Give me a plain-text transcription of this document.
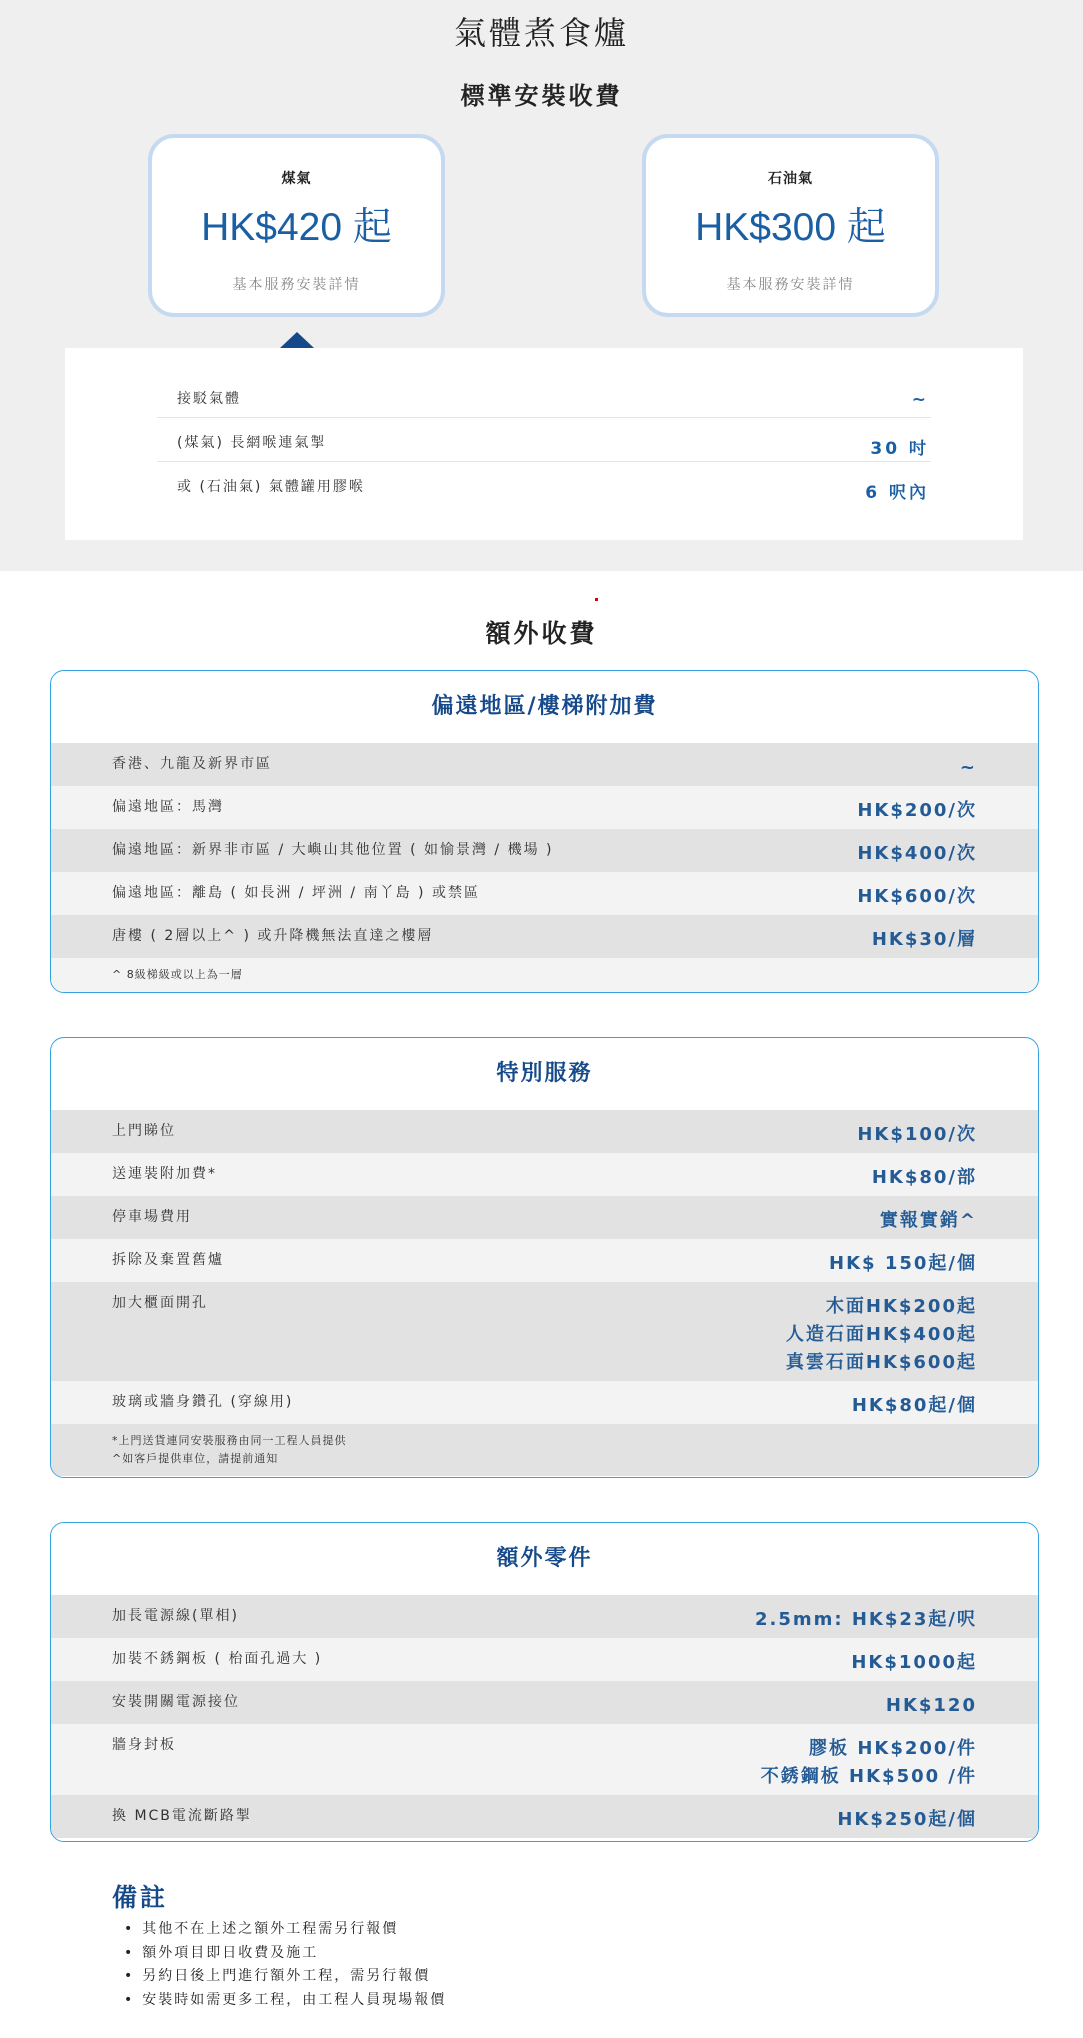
氣體煮食爐
標準安裝收費
煤氣
HK$420 起
基本服務安裝詳情
石油氣
HK$300 起
基本服務安裝詳情
接駁氣體	~
(煤氣) 長網喉連氣掣	30 吋
或 (石油氣) 氣體罐用膠喉	6 呎內
額外收費
偏遠地區/樓梯附加費
香港、九龍及新界市區	~
偏遠地區：馬灣	HK$200/次
偏遠地區：新界非市區 / 大嶼山其他位置 ( 如愉景灣 / 機場 )	HK$400/次
偏遠地區：離島 ( 如長洲 / 坪洲 / 南丫島 ) 或禁區	HK$600/次
唐樓 ( 2層以上^ ) 或升降機無法直達之樓層	HK$30/層
^ 8級梯級或以上為一層
特別服務
上門睇位	HK$100/次
送連裝附加費*	HK$80/部
停車場費用	實報實銷^
拆除及棄置舊爐	HK$ 150起/個
加大櫃面開孔	木面HK$200起
人造石面HK$400起
真雲石面HK$600起
玻璃或牆身鑽孔 (穿線用)	HK$80起/個
*上門送貨連同安裝服務由同一工程人員提供
^如客戶提供車位，請提前通知
額外零件
加長電源線(單相)	2.5mm: HK$23起/呎
加裝不銹鋼板 ( 枱面孔過大 )	HK$1000起
安裝開關電源接位	HK$120
牆身封板	膠板 HK$200/件
不銹鋼板 HK$500 /件
換 MCB電流斷路掣	HK$250起/個
備註
• 其他不在上述之額外工程需另行報價
• 額外項目即日收費及施工
• 另約日後上門進行額外工程，需另行報價
• 安裝時如需更多工程，由工程人員現場報價
